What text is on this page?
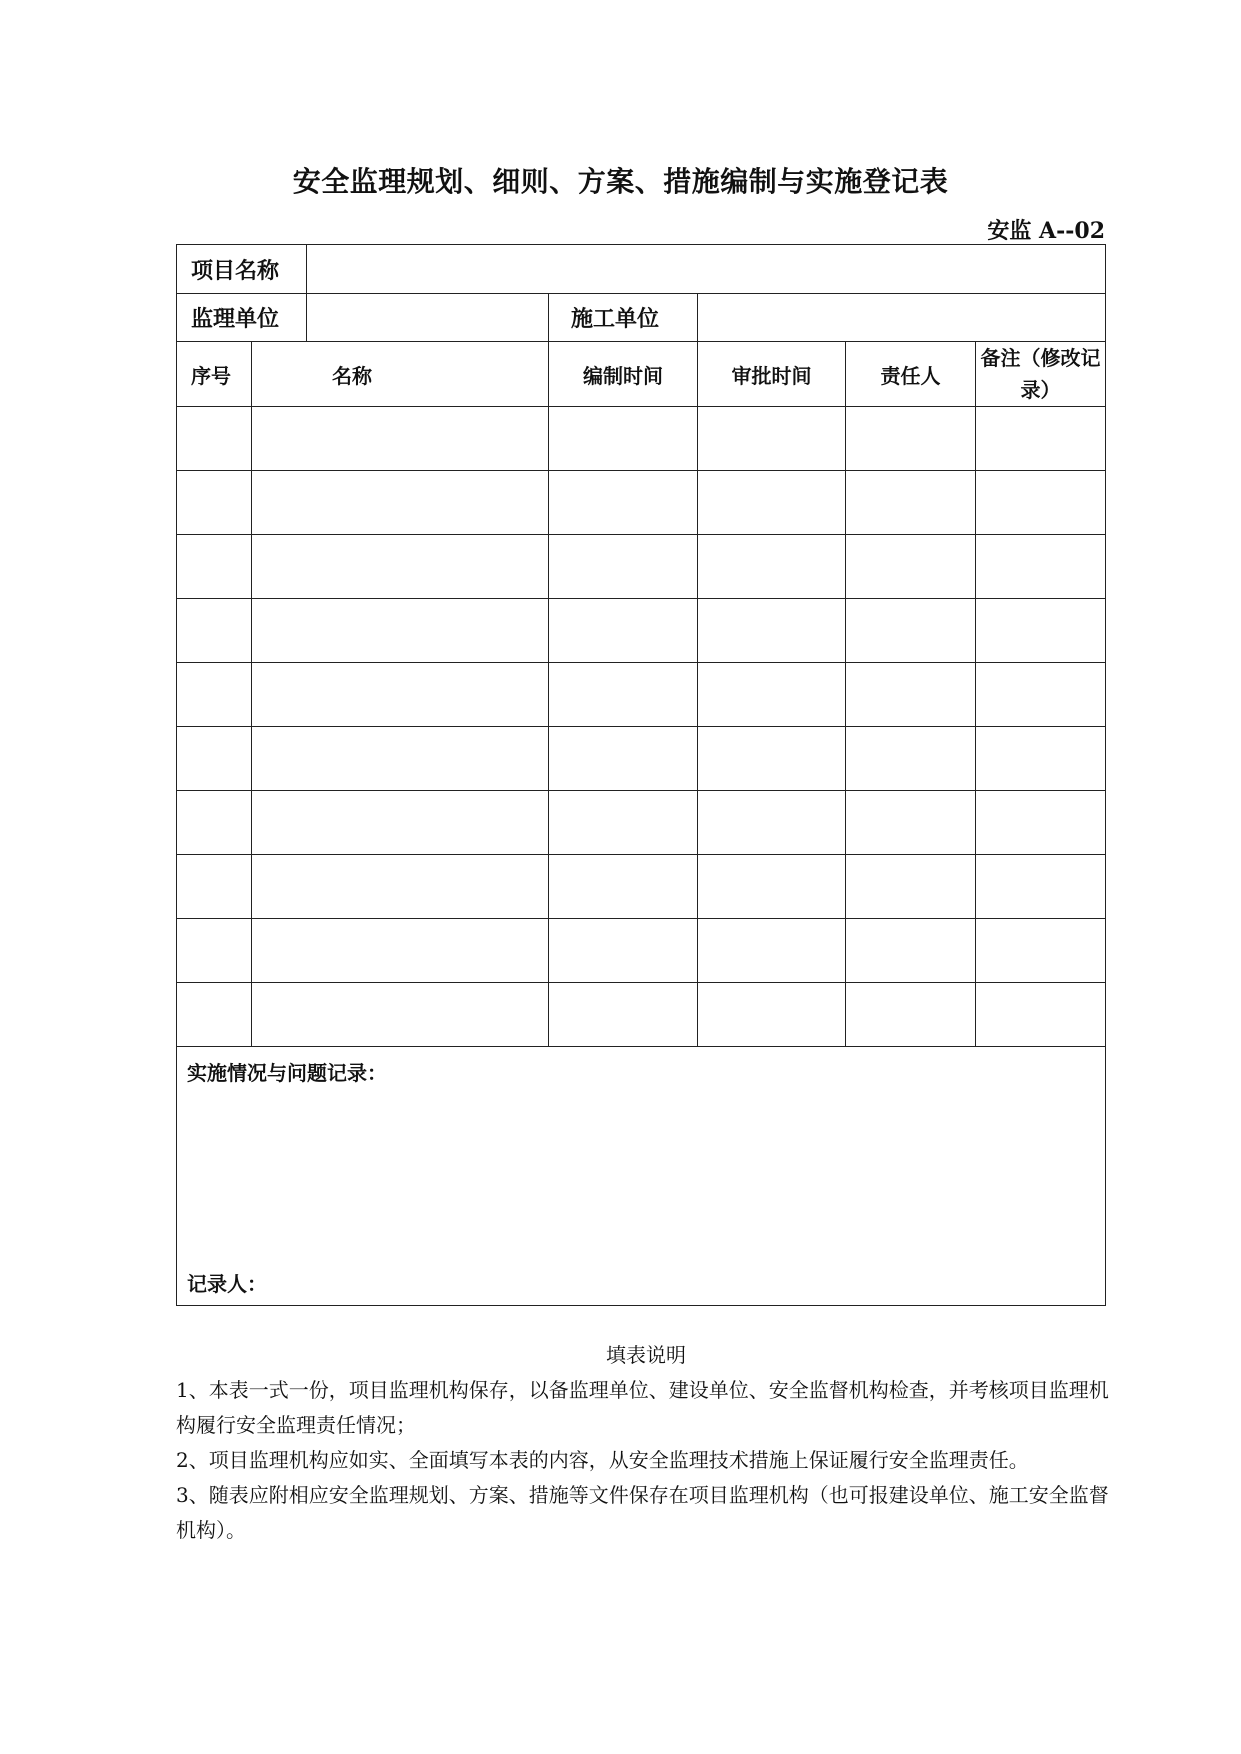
安全监理规划、细则、方案、措施编制与实施登记表
安监 A--02
项目名称						
监理单位			施工单位			
序号	名称		编制时间	审批时间	责任人	备注（修改记录）

实施情况与问题记录：
记录人：						
填表说明

1、本表一式一份，项目监理机构保存，以备监理单位、建设单位、安全监督机构检查，并考核项目监理机构履行安全监理责任情况；

2、项目监理机构应如实、全面填写本表的内容，从安全监理技术措施上保证履行安全监理责任。

3、随表应附相应安全监理规划、方案、措施等文件保存在项目监理机构（也可报建设单位、施工安全监督机构）。
